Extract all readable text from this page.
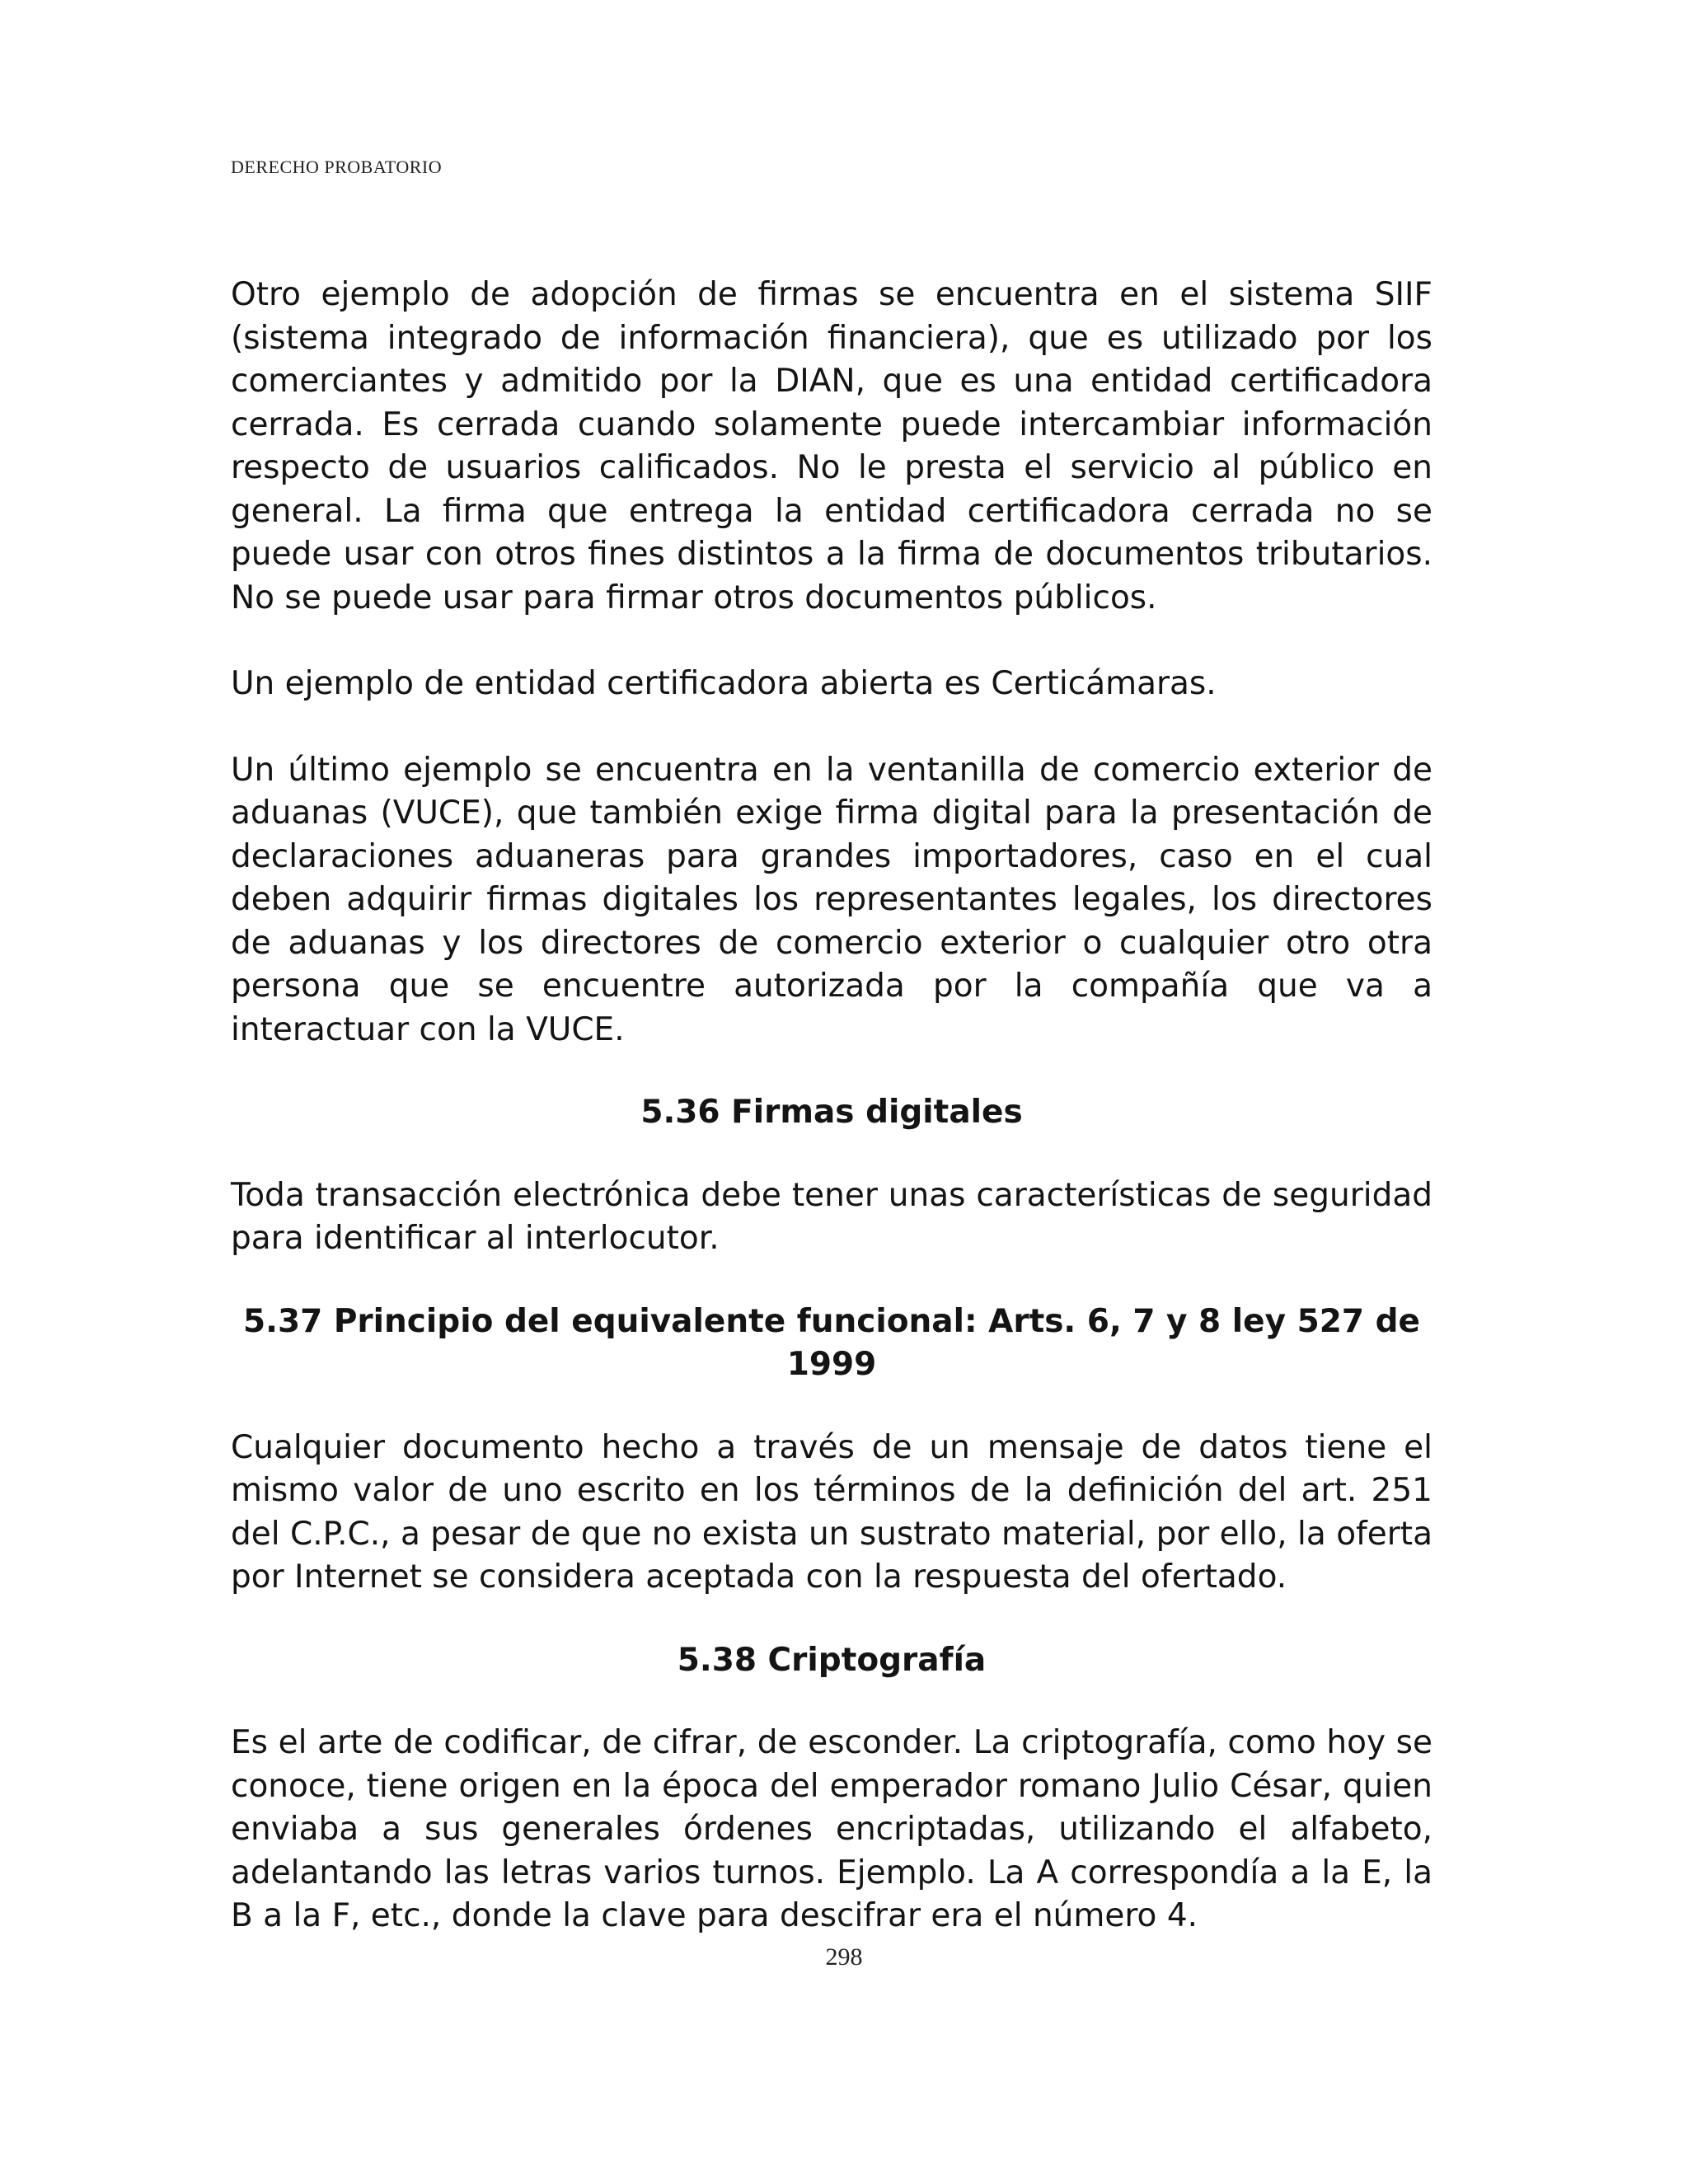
DERECHO PROBATORIO

Otro ejemplo de adopción de firmas se encuentra en el sistema SIIF (sistema integrado de información financiera), que es utilizado por los comerciantes y admitido por la DIAN, que es una entidad certificadora cerrada. Es cerrada cuando solamente puede intercambiar información respecto de usuarios calificados. No le presta el servicio al público en general. La firma que entrega la entidad certificadora cerrada no se puede usar con otros fines distintos a la firma de documentos tributarios. No se puede usar para firmar otros documentos públicos.

Un ejemplo de entidad certificadora abierta es Certicámaras.

Un último ejemplo se encuentra en la ventanilla de comercio exterior de aduanas (VUCE), que también exige firma digital para la presentación de declaraciones aduaneras para grandes importadores, caso en el cual deben adquirir firmas digitales los representantes legales, los directores de aduanas y los directores de comercio exterior o cualquier otro otra persona que se encuentre autorizada por la compañía que va a interactuar con la VUCE.

5.36 Firmas digitales

Toda transacción electrónica debe tener unas características de seguridad para identificar al interlocutor.

5.37 Principio del equivalente funcional: Arts. 6, 7 y 8 ley 527 de 1999

Cualquier documento hecho a través de un mensaje de datos tiene el mismo valor de uno escrito en los términos de la definición del art. 251 del C.P.C., a pesar de que no exista un sustrato material, por ello, la oferta por Internet se considera aceptada con la respuesta del ofertado.

5.38 Criptografía

Es el arte de codificar, de cifrar, de esconder. La criptografía, como hoy se conoce, tiene origen en la época del emperador romano Julio César, quien enviaba a sus generales órdenes encriptadas, utilizando el alfabeto, adelantando las letras varios turnos. Ejemplo. La A correspondía a la E, la B a la F, etc., donde la clave para descifrar era el número 4.

298
